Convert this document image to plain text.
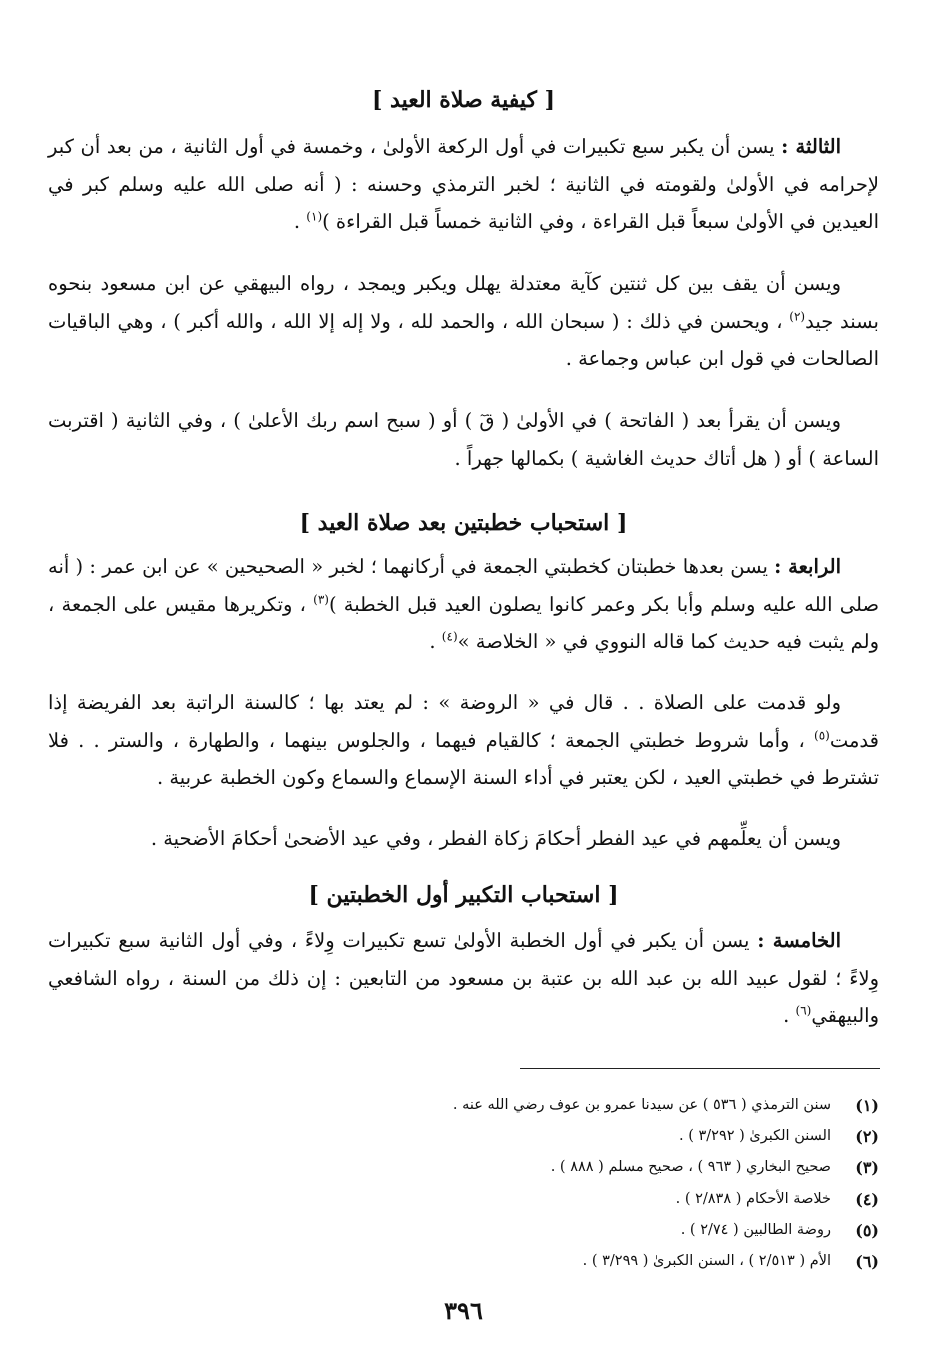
[ كيفية صلاة العيد ]
الثالثة : يسن أن يكبر سبع تكبيرات في أول الركعة الأولىٰ ، وخمسة في أول الثانية ، من بعد أن كبر لإحرامه في الأولىٰ ولقومته في الثانية ؛ لخبر الترمذي وحسنه : ( أنه صلى الله عليه وسلم كبر في العيدين في الأولىٰ سبعاً قبل القراءة ، وفي الثانية خمساً قبل القراءة )$^{(١)}$ .
ويسن أن يقف بين كل ثنتين كآية معتدلة يهلل ويكبر ويمجد ، رواه البيهقي عن ابن مسعود بنحوه بسند جيد$^{(٢)}$ ، ويحسن في ذلك : ( سبحان الله ، والحمد لله ، ولا إله إلا الله ، والله أكبر ) ، وهي الباقيات الصالحات في قول ابن عباس وجماعة .
ويسن أن يقرأ بعد ( الفاتحة ) في الأولىٰ ( قٓ ) أو ( سبح اسم ربك الأعلىٰ ) ، وفي الثانية ( اقتربت الساعة ) أو ( هل أتاك حديث الغاشية ) بكمالها جهراً .
[ استحباب خطبتين بعد صلاة العيد ]
الرابعة : يسن بعدها خطبتان كخطبتي الجمعة في أركانهما ؛ لخبر « الصحيحين » عن ابن عمر : ( أنه صلى الله عليه وسلم وأبا بكر وعمر كانوا يصلون العيد قبل الخطبة )$^{(٣)}$ ، وتكريرها مقيس على الجمعة ، ولم يثبت فيه حديث كما قاله النووي في « الخلاصة »$^{(٤)}$ .
ولو قدمت على الصلاة . . قال في « الروضة » : لم يعتد بها ؛ كالسنة الراتبة بعد الفريضة إذا قدمت$^{(٥)}$ ، وأما شروط خطبتي الجمعة ؛ كالقيام فيهما ، والجلوس بينهما ، والطهارة ، والستر . . فلا تشترط في خطبتي العيد ، لكن يعتبر في أداء السنة الإسماع والسماع وكون الخطبة عربية .
ويسن أن يعلِّمهم في عيد الفطر أحكامَ زكاة الفطر ، وفي عيد الأضحىٰ أحكامَ الأضحية .
[ استحباب التكبير أول الخطبتين ]
الخامسة : يسن أن يكبر في أول الخطبة الأولىٰ تسع تكبيرات وِلاءً ، وفي أول الثانية سبع تكبيرات وِلاءً ؛ لقول عبيد الله بن عبد الله بن عتبة بن مسعود من التابعين : إن ذلك من السنة ، رواه الشافعي والبيهقي$^{(٦)}$ .
(١)
سنن الترمذي ( ٥٣٦ ) عن سيدنا عمرو بن عوف رضي الله عنه .
(٢)
السنن الكبرىٰ ( ٣/٢٩٢ ) .
(٣)
صحيح البخاري ( ٩٦٣ ) ، صحيح مسلم ( ٨٨٨ ) .
(٤)
خلاصة الأحكام ( ٢/٨٣٨ ) .
(٥)
روضة الطالبين ( ٢/٧٤ ) .
(٦)
الأم ( ٢/٥١٣ ) ، السنن الكبرىٰ ( ٣/٢٩٩ ) .
٣٩٦
